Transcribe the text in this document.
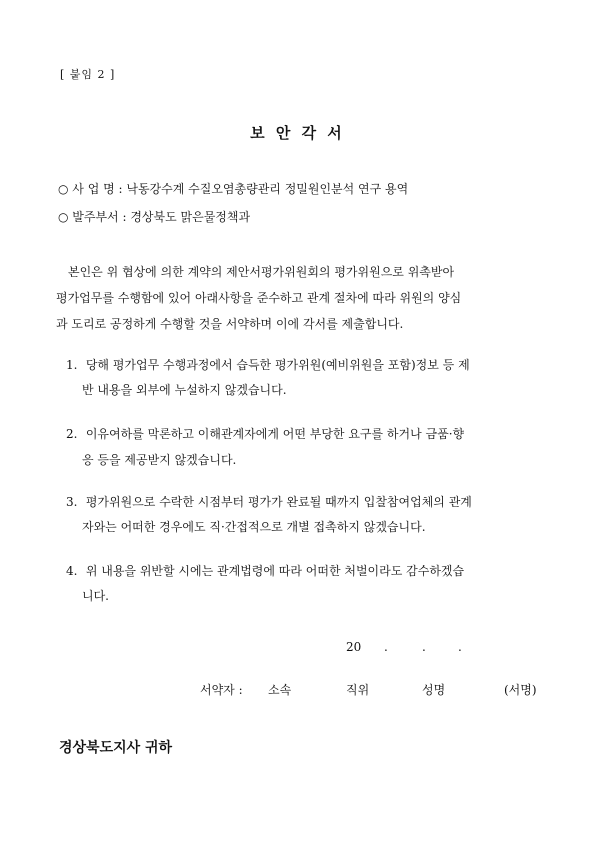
[ 붙임 2 ]
보 안 각 서
○ 사 업 명 : 낙동강수계 수질오염총량관리 정밀원인분석 연구 용역
○ 발주부서 : 경상북도 맑은물정책과
본인은 위 협상에 의한 계약의 제안서평가위원회의 평가위원으로 위촉받아
평가업무를 수행함에 있어 아래사항을 준수하고 관계 절차에 따라 위원의 양심
과 도리로 공정하게 수행할 것을 서약하며 이에 각서를 제출합니다.
1. 당해 평가업무 수행과정에서 습득한 평가위원(예비위원을 포함)정보 등 제
반 내용을 외부에 누설하지 않겠습니다.
2. 이유여하를 막론하고 이해관계자에게 어떤 부당한 요구를 하거나 금품·향
응 등을 제공받지 않겠습니다.
3. 평가위원으로 수락한 시점부터 평가가 완료될 때까지 입찰참여업체의 관계
자와는 어떠한 경우에도 직·간접적으로 개별 접촉하지 않겠습니다.
4. 위 내용을 위반할 시에는 관계법령에 따라 어떠한 처벌이라도 감수하겠습
니다.
20 .	.	.
서약자 : 소속	직위	성명	(서명)
경상북도지사 귀하
